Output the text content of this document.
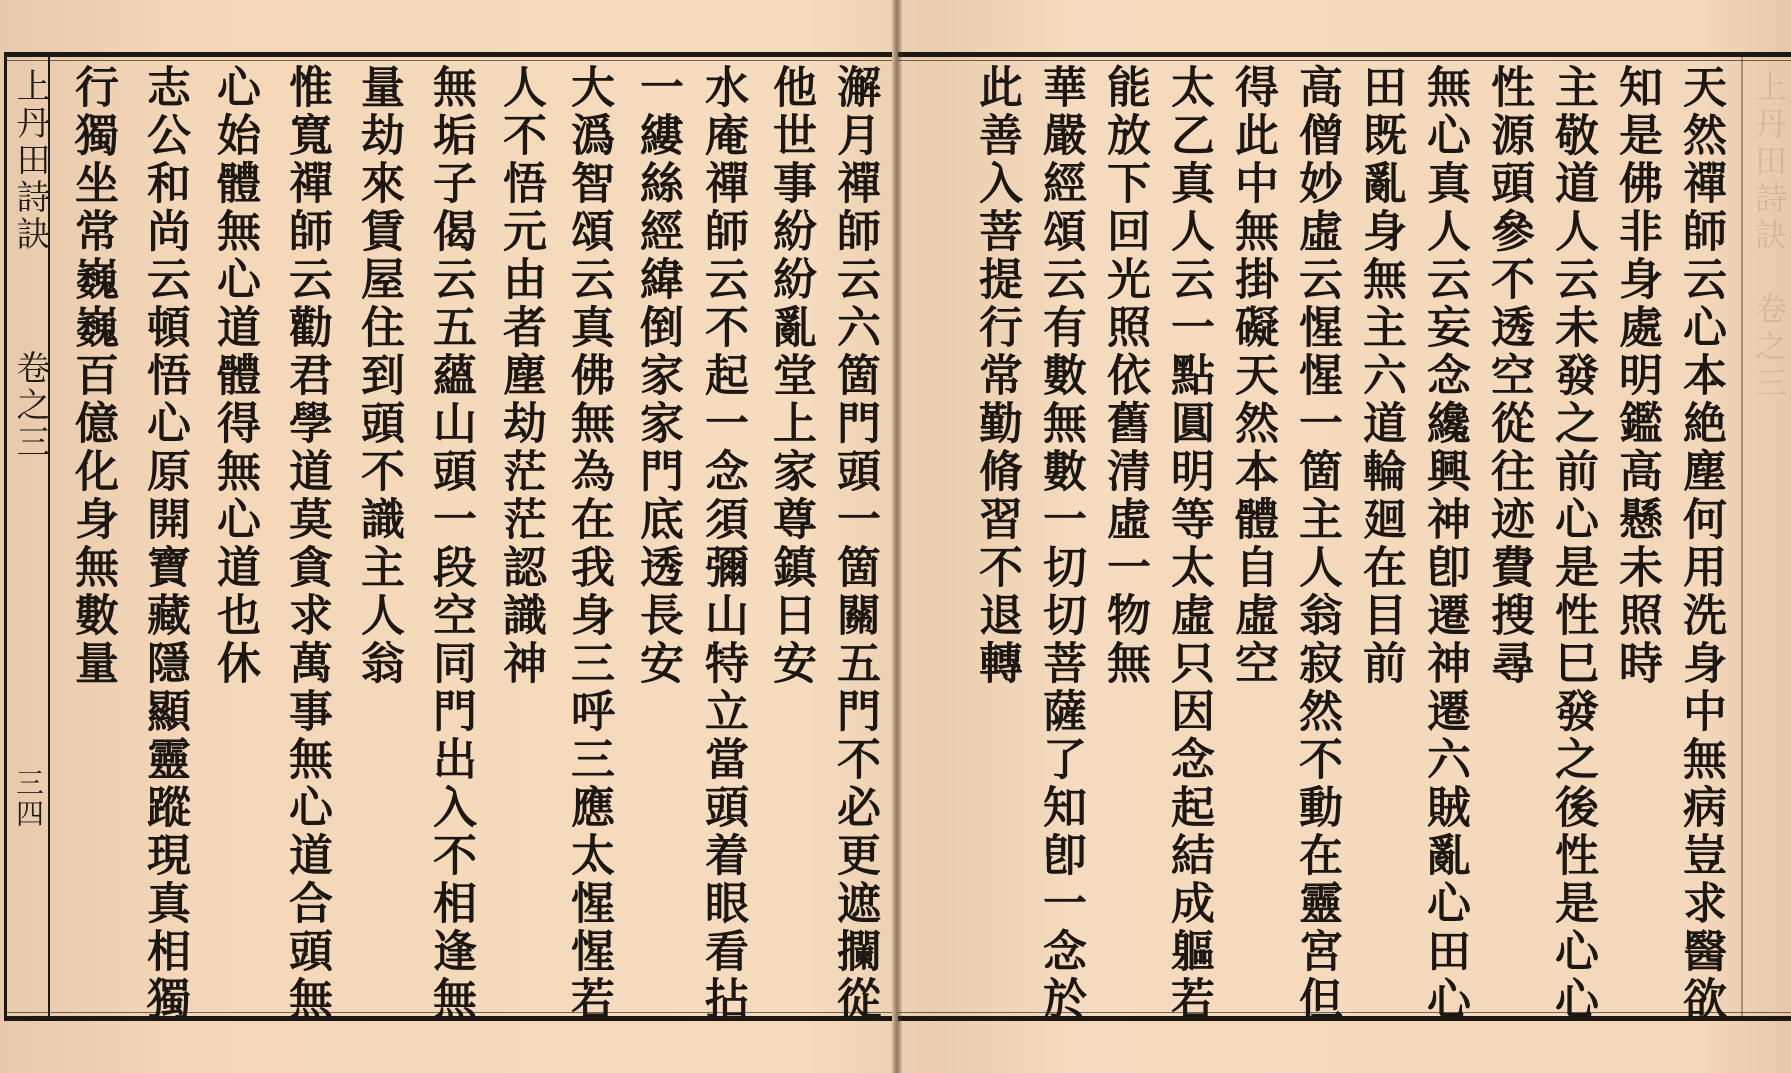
上丹田詩訣　卷之三
天然禪師云心本絶塵何用洗身中無病豈求醫欲
知是佛非身處明鑑高懸未照時
主敬道人云未發之前心是性巳發之後性是心心
性源頭參不透空從往迹費搜尋
無心真人云妄念纔興神卽遷神遷六賊亂心田心
田既亂身無主六道輪廻在目前
高僧妙虛云惺惺一箇主人翁寂然不動在靈宮但
得此中無掛礙天然本體自虛空
太乙真人云一點圓明等太虛只因念起結成軀若
能放下回光照依舊清虛一物無
華嚴經頌云有數無數一切切菩薩了知卽一念於
此善入菩提行常勤脩習不退轉
上丹田詩訣
卷之三
三四	澥月禪師云六箇門頭一箇關五門不必更遮攔從
他世事紛紛亂堂上家尊鎮日安
水庵禪師云不起一念須彌山特立當頭着眼看拈
一縷絲經緯倒家家門底透長安
大潙智頌云真佛無為在我身三呼三應太惺惺若
人不悟元由者塵劫茫茫認識神
無垢子偈云五蘊山頭一段空同門出入不相逢無
量劫來賃屋住到頭不識主人翁
惟寬禪師云勸君學道莫貪求萬事無心道合頭無
心始體無心道體得無心道也休
志公和尚云頓悟心原開寶藏隱顯靈蹤現真相獨
行獨坐常巍巍百億化身無數量
